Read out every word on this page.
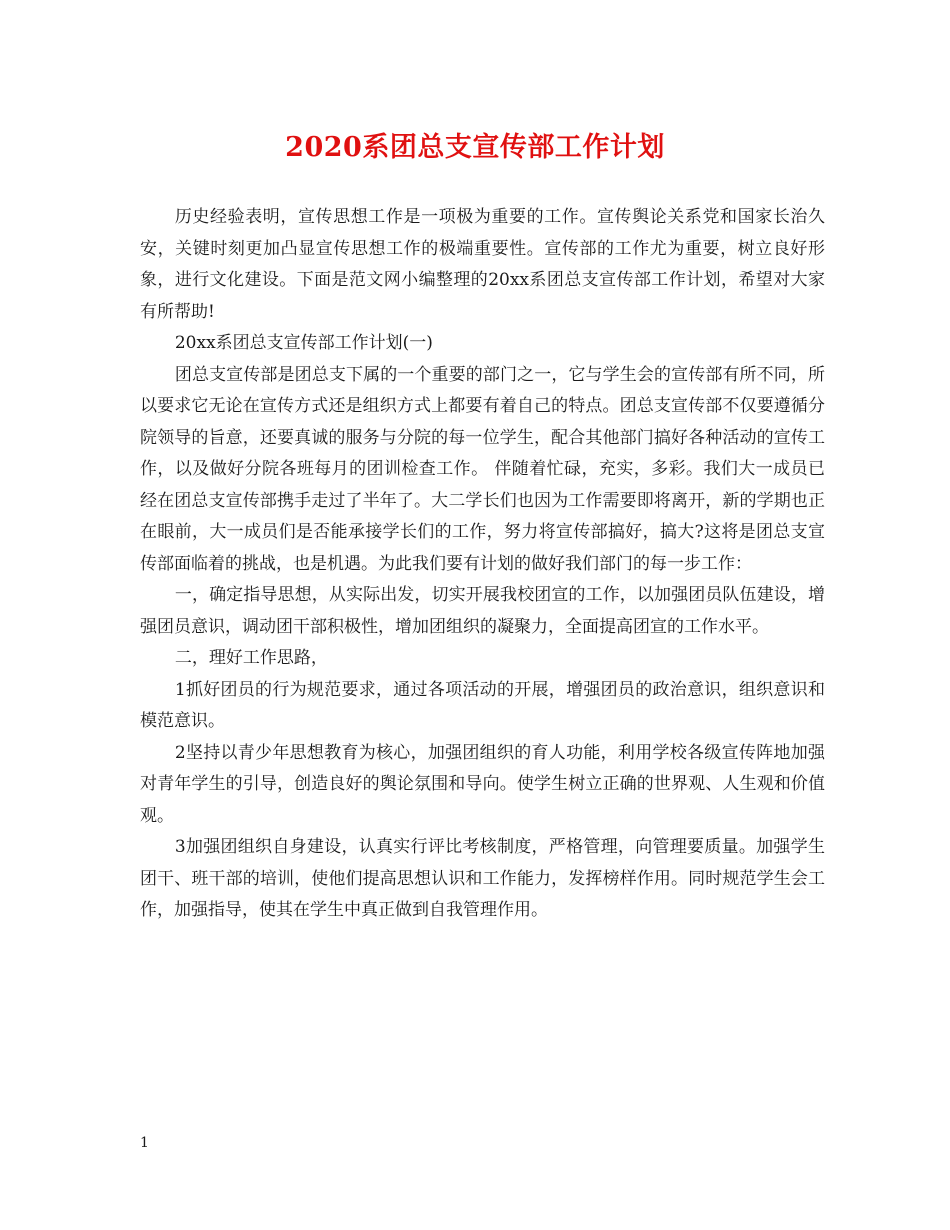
2020系团总支宣传部工作计划

历史经验表明，宣传思想工作是一项极为重要的工作。宣传舆论关系党和国家长治久安，关键时刻更加凸显宣传思想工作的极端重要性。宣传部的工作尤为重要，树立良好形象，进行文化建设。下面是范文网小编整理的20xx系团总支宣传部工作计划，希望对大家有所帮助!

20xx系团总支宣传部工作计划(一)

团总支宣传部是团总支下属的一个重要的部门之一，它与学生会的宣传部有所不同，所以要求它无论在宣传方式还是组织方式上都要有着自己的特点。团总支宣传部不仅要遵循分院领导的旨意，还要真诚的服务与分院的每一位学生，配合其他部门搞好各种活动的宣传工作，以及做好分院各班每月的团训检查工作。 伴随着忙碌，充实，多彩。我们大一成员已经在团总支宣传部携手走过了半年了。大二学长们也因为工作需要即将离开，新的学期也正在眼前，大一成员们是否能承接学长们的工作，努力将宣传部搞好，搞大?这将是团总支宣传部面临着的挑战，也是机遇。为此我们要有计划的做好我们部门的每一步工作：

一，确定指导思想，从实际出发，切实开展我校团宣的工作，以加强团员队伍建设，增强团员意识，调动团干部积极性，增加团组织的凝聚力，全面提高团宣的工作水平。

二，理好工作思路，

1抓好团员的行为规范要求，通过各项活动的开展，增强团员的政治意识，组织意识和模范意识。

2坚持以青少年思想教育为核心，加强团组织的育人功能，利用学校各级宣传阵地加强对青年学生的引导，创造良好的舆论氛围和导向。使学生树立正确的世界观、人生观和价值观。

3加强团组织自身建设，认真实行评比考核制度，严格管理，向管理要质量。加强学生团干、班干部的培训，使他们提高思想认识和工作能力，发挥榜样作用。同时规范学生会工作，加强指导，使其在学生中真正做到自我管理作用。

1
